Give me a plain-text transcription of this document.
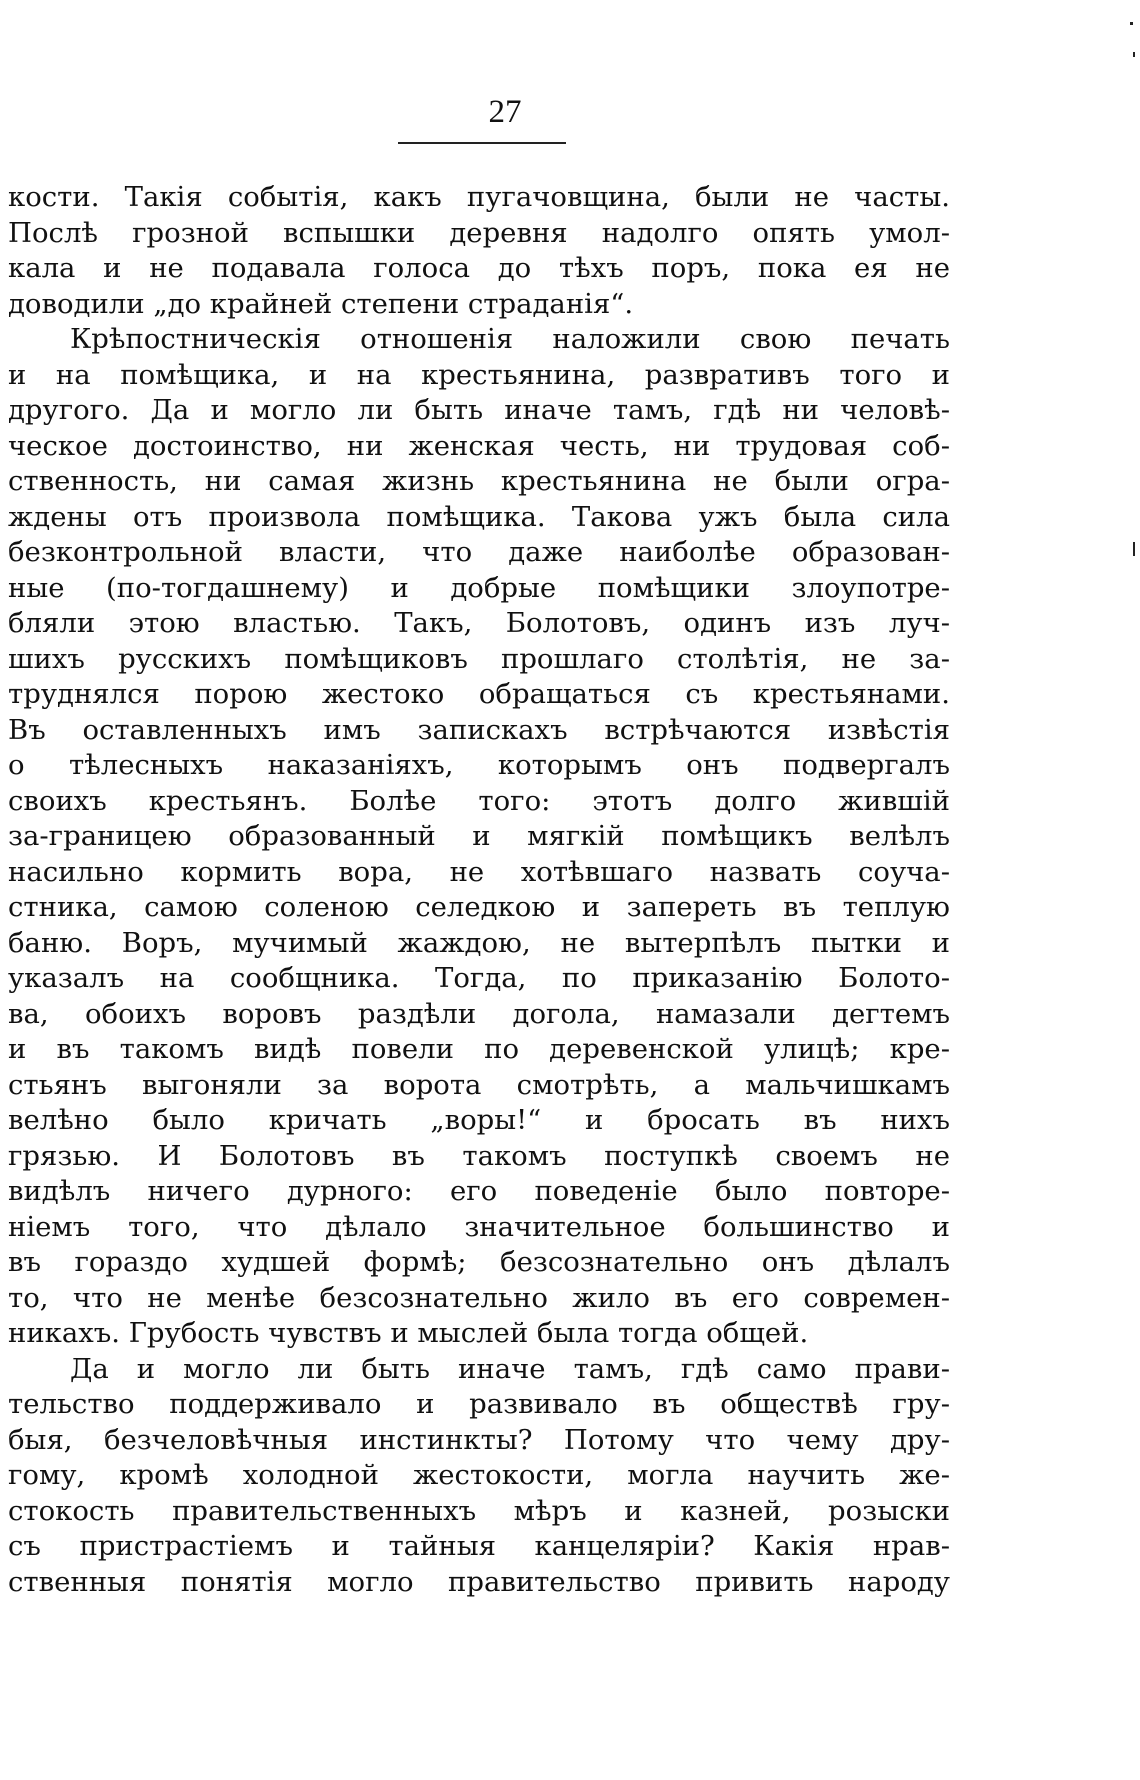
27
кости. Такія событія, какъ пугачовщина, были не часты.
Послѣ грозной вспышки деревня надолго опять умол-
кала и не подавала голоса до тѣхъ поръ, пока ея не
доводили „до крайней степени страданія“.
Крѣпостническія отношенія наложили свою печать
и на помѣщика, и на крестьянина, развративъ того и
другого. Да и могло ли быть иначе тамъ, гдѣ ни человѣ-
ческое достоинство, ни женская честь, ни трудовая соб-
ственность, ни самая жизнь крестьянина не были огра-
ждены отъ произвола помѣщика. Такова ужъ была сила
безконтрольной власти, что даже наиболѣе образован-
ные (по-тогдашнему) и добрые помѣщики злоупотре-
бляли этою властью. Такъ, Болотовъ, одинъ изъ луч-
шихъ русскихъ помѣщиковъ прошлаго столѣтія, не за-
труднялся порою жестоко обращаться съ крестьянами.
Въ оставленныхъ имъ запискахъ встрѣчаются извѣстія
о тѣлесныхъ наказаніяхъ, которымъ онъ подвергалъ
своихъ крестьянъ. Болѣе того: этотъ долго жившій
за-границею образованный и мягкій помѣщикъ велѣлъ
насильно кормить вора, не хотѣвшаго назвать соуча-
стника, самою соленою селедкою и запереть въ теплую
баню. Воръ, мучимый жаждою, не вытерпѣлъ пытки и
указалъ на сообщника. Тогда, по приказанію Болото-
ва, обоихъ воровъ раздѣли догола, намазали дегтемъ
и въ такомъ видѣ повели по деревенской улицѣ; кре-
стьянъ выгоняли за ворота смотрѣть, а мальчишкамъ
велѣно было кричать „воры!“ и бросать въ нихъ
грязью. И Болотовъ въ такомъ поступкѣ своемъ не
видѣлъ ничего дурного: его поведеніе было повторе-
ніемъ того, что дѣлало значительное большинство и
въ гораздо худшей формѣ; безсознательно онъ дѣлалъ
то, что не менѣе безсознательно жило въ его современ-
никахъ. Грубость чувствъ и мыслей была тогда общей.
Да и могло ли быть иначе тамъ, гдѣ само прави-
тельство поддерживало и развивало въ обществѣ гру-
быя, безчеловѣчныя инстинкты? Потому что чему дру-
гому, кромѣ холодной жестокости, могла научить же-
стокость правительственныхъ мѣръ и казней, розыски
съ пристрастіемъ и тайныя канцеляріи? Какія нрав-
ственныя понятія могло правительство привить народу
